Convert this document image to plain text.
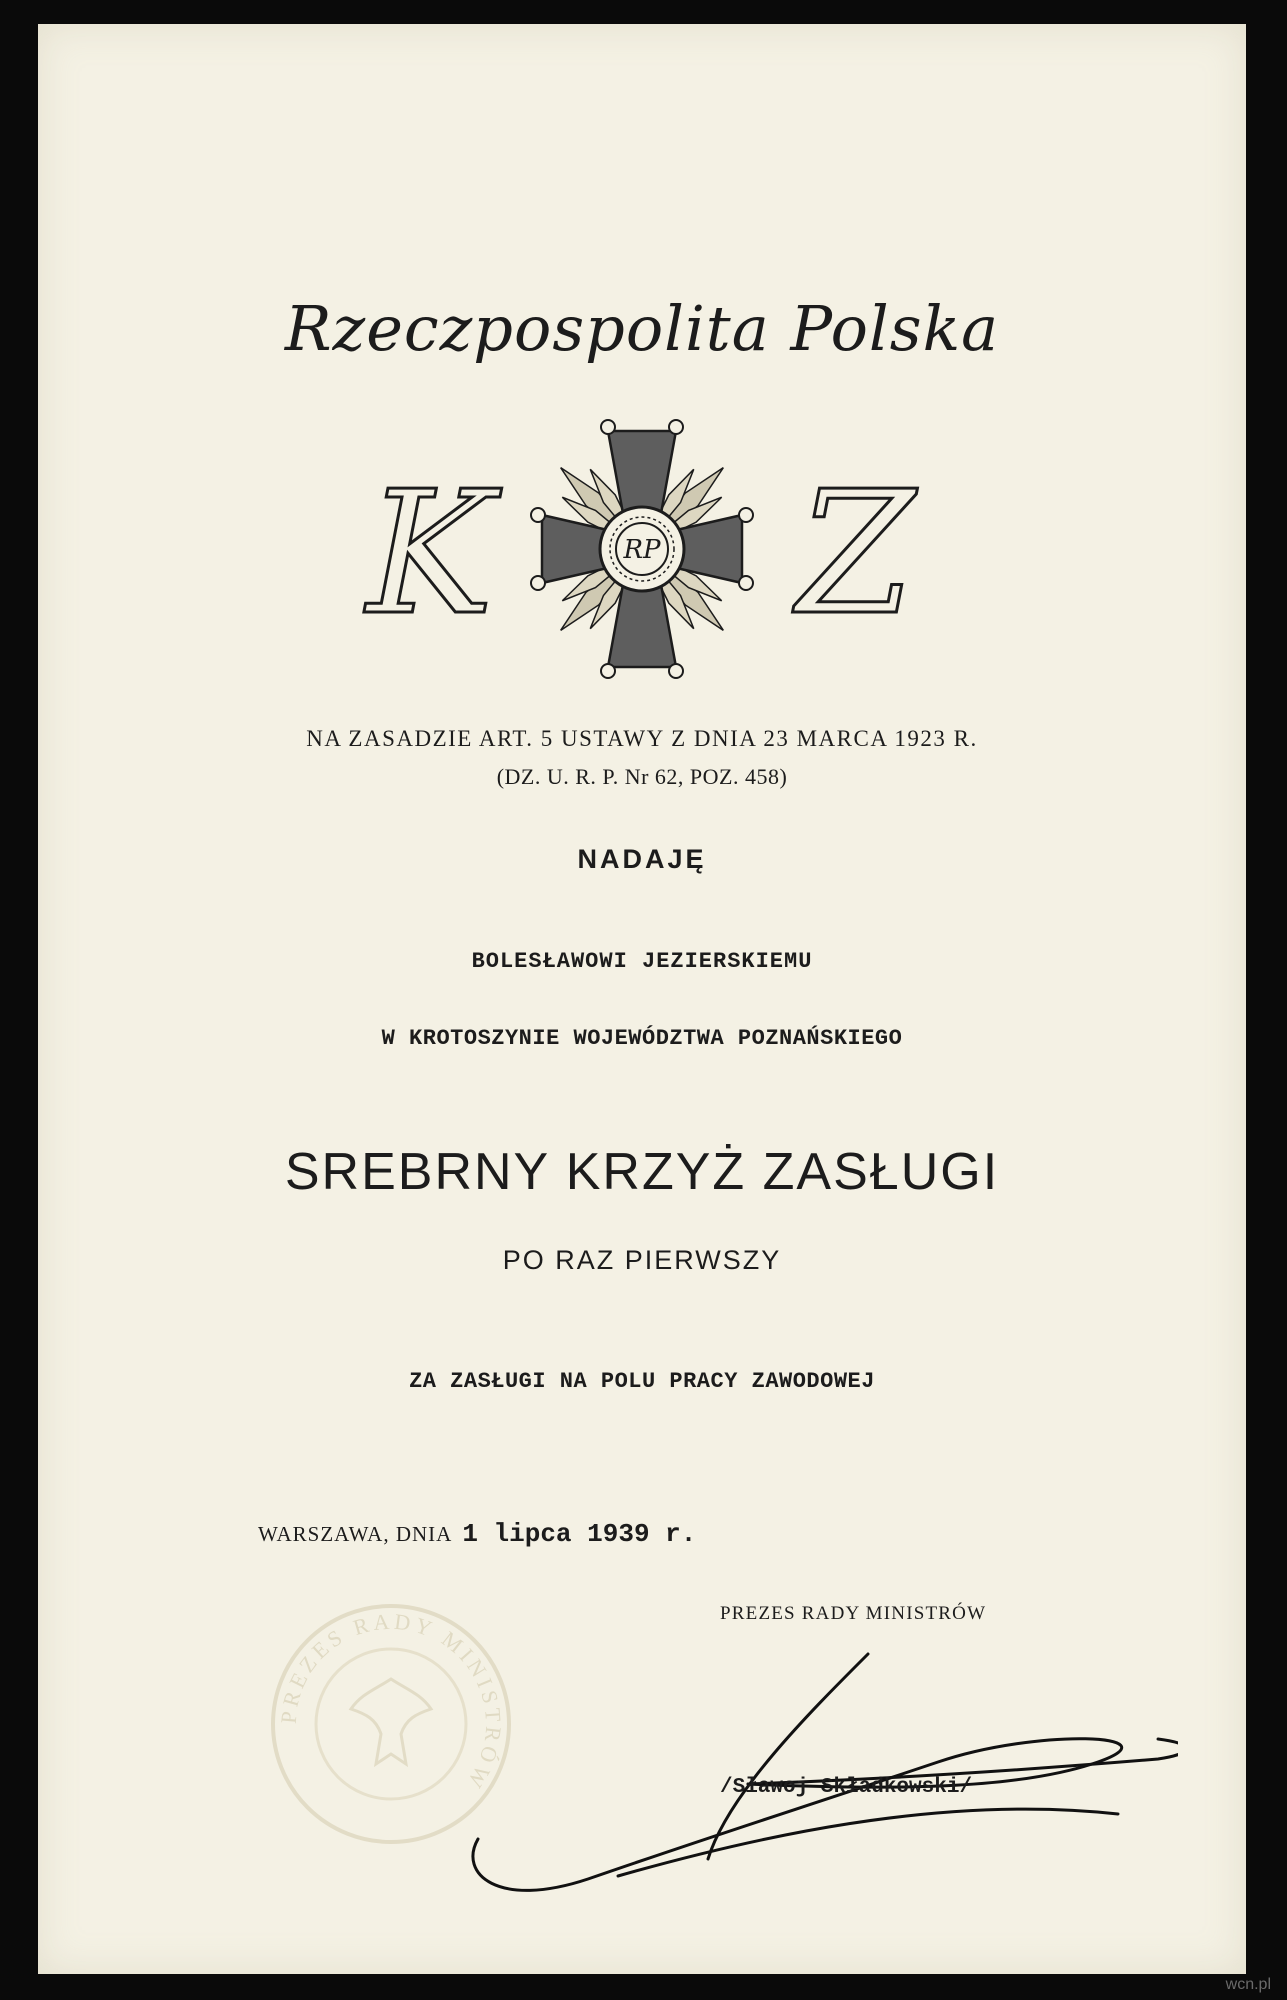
Rzeczpospolita Polska
K Z
RP
NA ZASADZIE ART. 5 USTAWY Z DNIA 23 MARCA 1923 R.
(DZ. U. R. P. Nr 62, POZ. 458)
NADAJĘ
BOLESŁAWOWI JEZIERSKIEMU
W KROTOSZYNIE WOJEWÓDZTWA POZNAŃSKIEGO
SREBRNY KRZYŻ ZASŁUGI
PO RAZ PIERWSZY
ZA ZASŁUGI NA POLU PRACY ZAWODOWEJ
WARSZAWA, DNIA 1 lipca 1939 r.
PREZES RADY MINISTRÓW
PREZES RADY MINISTRÓW	/Sławoj Składkowski/
wcn.pl
